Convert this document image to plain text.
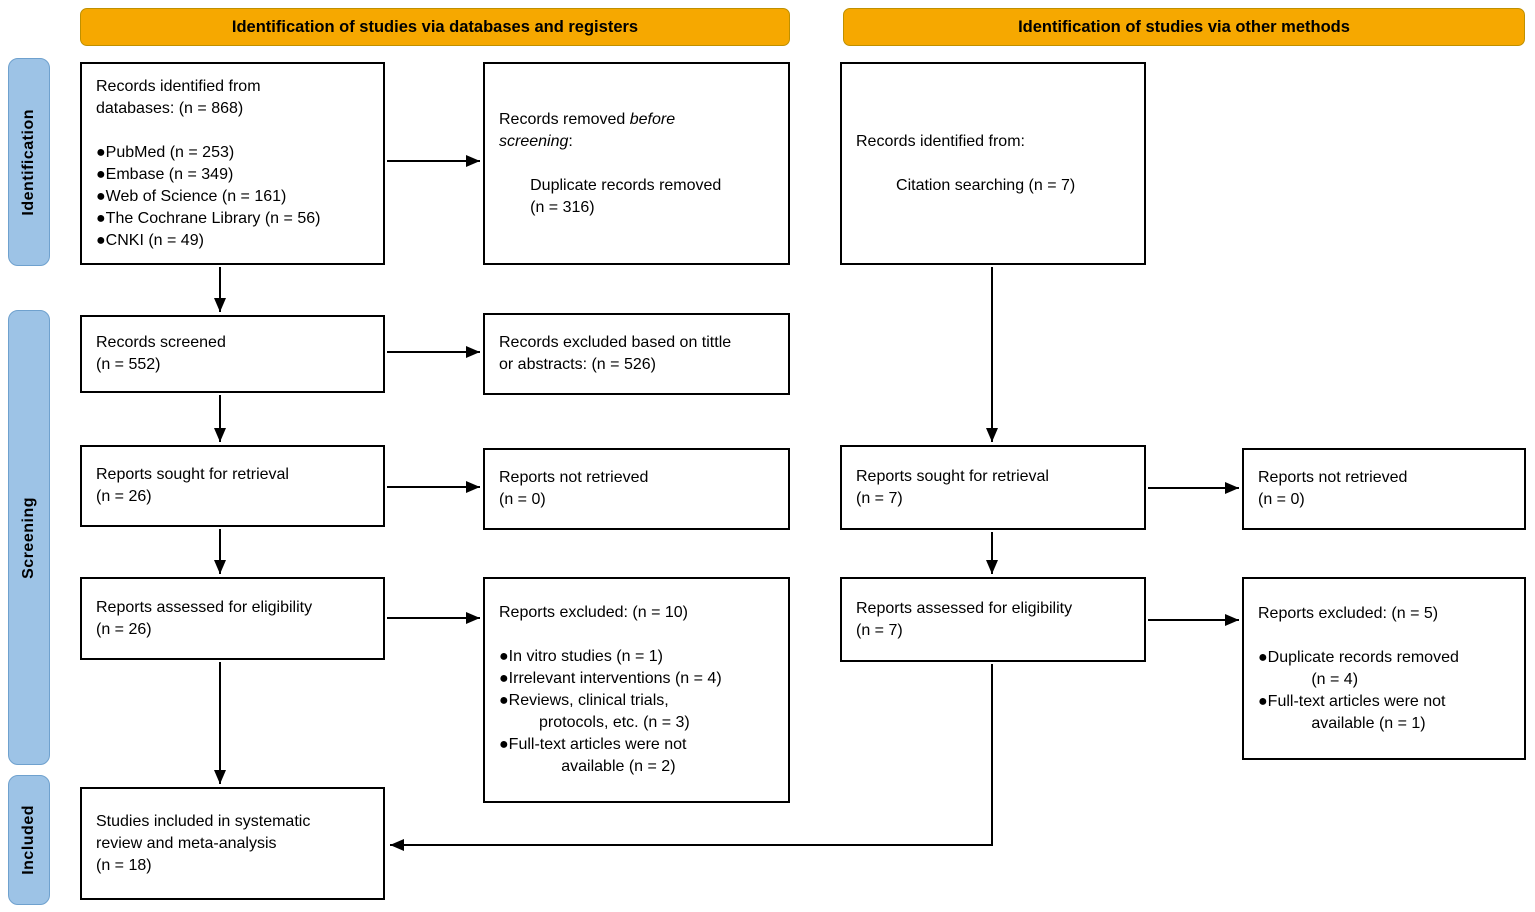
Identification of studies via databases and registers	Identification of studies via other methods
Identification
Screening
Included
Records identified from
databases: (n = 868)
●PubMed (n = 253)
●Embase (n = 349)
●Web of Science (n = 161)
●The Cochrane Library (n = 56)
●CNKI (n = 49)
Records screened
(n = 552)
Reports sought for retrieval
(n = 26)
Reports assessed for eligibility
(n = 26)
Studies included in systematic
review and meta-analysis
(n = 18)
Records removed before
screening:
Duplicate records removed
(n = 316)
Records excluded based on tittle
or abstracts: (n = 526)
Reports not retrieved
(n = 0)
Reports excluded: (n = 10)
●In vitro studies (n = 1)
●Irrelevant interventions (n = 4)
●Reviews, clinical trials,
protocols, etc. (n = 3)
●Full-text articles were not
available (n = 2)
Records identified from:
Citation searching (n = 7)
Reports sought for retrieval
(n = 7)
Reports assessed for eligibility
(n = 7)
Reports not retrieved
(n = 0)
Reports excluded: (n = 5)
●Duplicate records removed
(n = 4)
●Full-text articles were not
available (n = 1)
